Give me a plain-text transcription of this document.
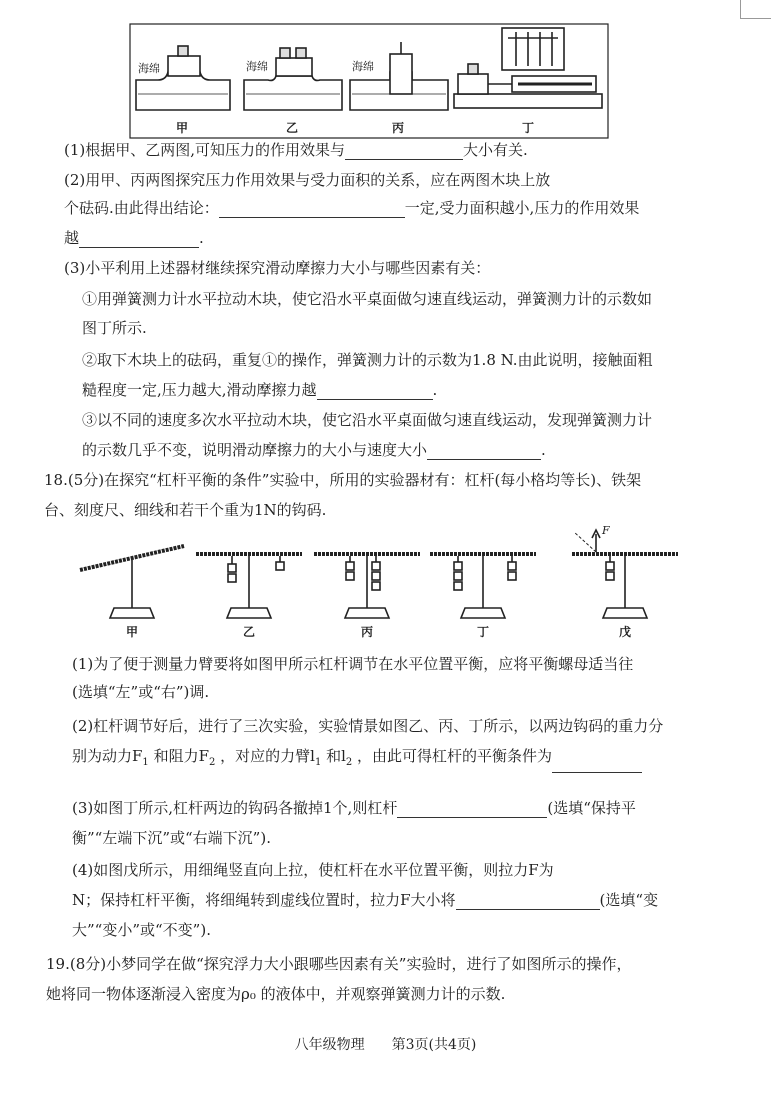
海绵	海绵	海绵
甲	乙	丙	丁
(1)根据甲、乙两图,可知压力的作用效果与	大小有关.
(2)用甲、丙两图探究压力作用效果与受力面积的关系，应在两图木块上放
个砝码.由此得出结论：	一定,受力面积越小,压力的作用效果
越	.
(3)小平利用上述器材继续探究滑动摩擦力大小与哪些因素有关：
①用弹簧测力计水平拉动木块，使它沿水平桌面做匀速直线运动，弹簧测力计的示数如
图丁所示.
②取下木块上的砝码，重复①的操作，弹簧测力计的示数为1.8 N.由此说明，接触面粗
糙程度一定,压力越大,滑动摩擦力越	.
③以不同的速度多次水平拉动木块，使它沿水平桌面做匀速直线运动，发现弹簧测力计
的示数几乎不变，说明滑动摩擦力的大小与速度大小	.
18.(5分)在探究“杠杆平衡的条件”实验中，所用的实验器材有：杠杆(每小格均等长)、铁架
台、刻度尺、细线和若干个重为1N的钩码.
F
甲	乙	丙	丁	戊
(1)为了便于测量力臂要将如图甲所示杠杆调节在水平位置平衡，应将平衡螺母适当往
(选填“左”或“右”)调.
(2)杠杆调节好后，进行了三次实验，实验情景如图乙、丙、丁所示，以两边钩码的重力分
别为动力$F_1$ 和阻力$F_2$ ，对应的力臂$l_1$ 和$l_2$ ，由此可得杠杆的平衡条件为
(3)如图丁所示,杠杆两边的钩码各撤掉1个,则杠杆	(选填“保持平
衡”“左端下沉”或“右端下沉”).
(4)如图戊所示，用细绳竖直向上拉，使杠杆在水平位置平衡，则拉力F为
N；保持杠杆平衡，将细绳转到虚线位置时，拉力F大小将	(选填“变
大”“变小”或“不变”).
19.(8分)小梦同学在做“探究浮力大小跟哪些因素有关”实验时，进行了如图所示的操作，
她将同一物体逐渐浸入密度为ρ₀ 的液体中，并观察弹簧测力计的示数.
八年级物理 第3页(共4页)
